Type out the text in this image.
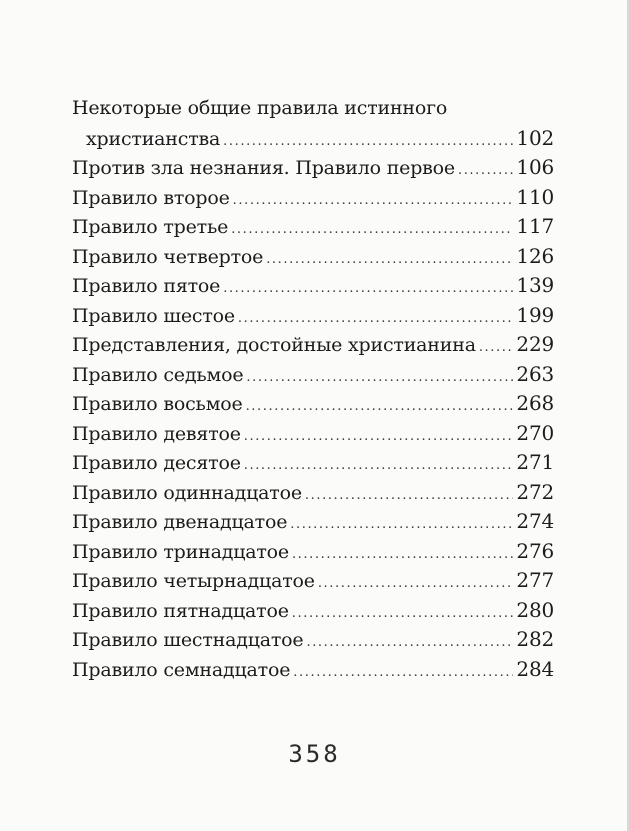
Некоторые общие правила истинного
христианства .....	102
Против зла незнания. Правило первое .....	106
Правило второе .....	110
Правило третье .....	117
Правило четвертое .....	126
Правило пятое .....	139
Правило шестое .....	199
Представления, достойные христианина ..... 229
Правило седьмое .....	263
Правило восьмое .....	268
Правило девятое .....	270
Правило десятое .....	271
Правило одиннадцатое .....	272
Правило двенадцатое .....	274
Правило тринадцатое .....	276
Правило четырнадцатое .....	277
Правило пятнадцатое .....	280
Правило шестнадцатое .....	282
Правило семнадцатое .....	284
358
